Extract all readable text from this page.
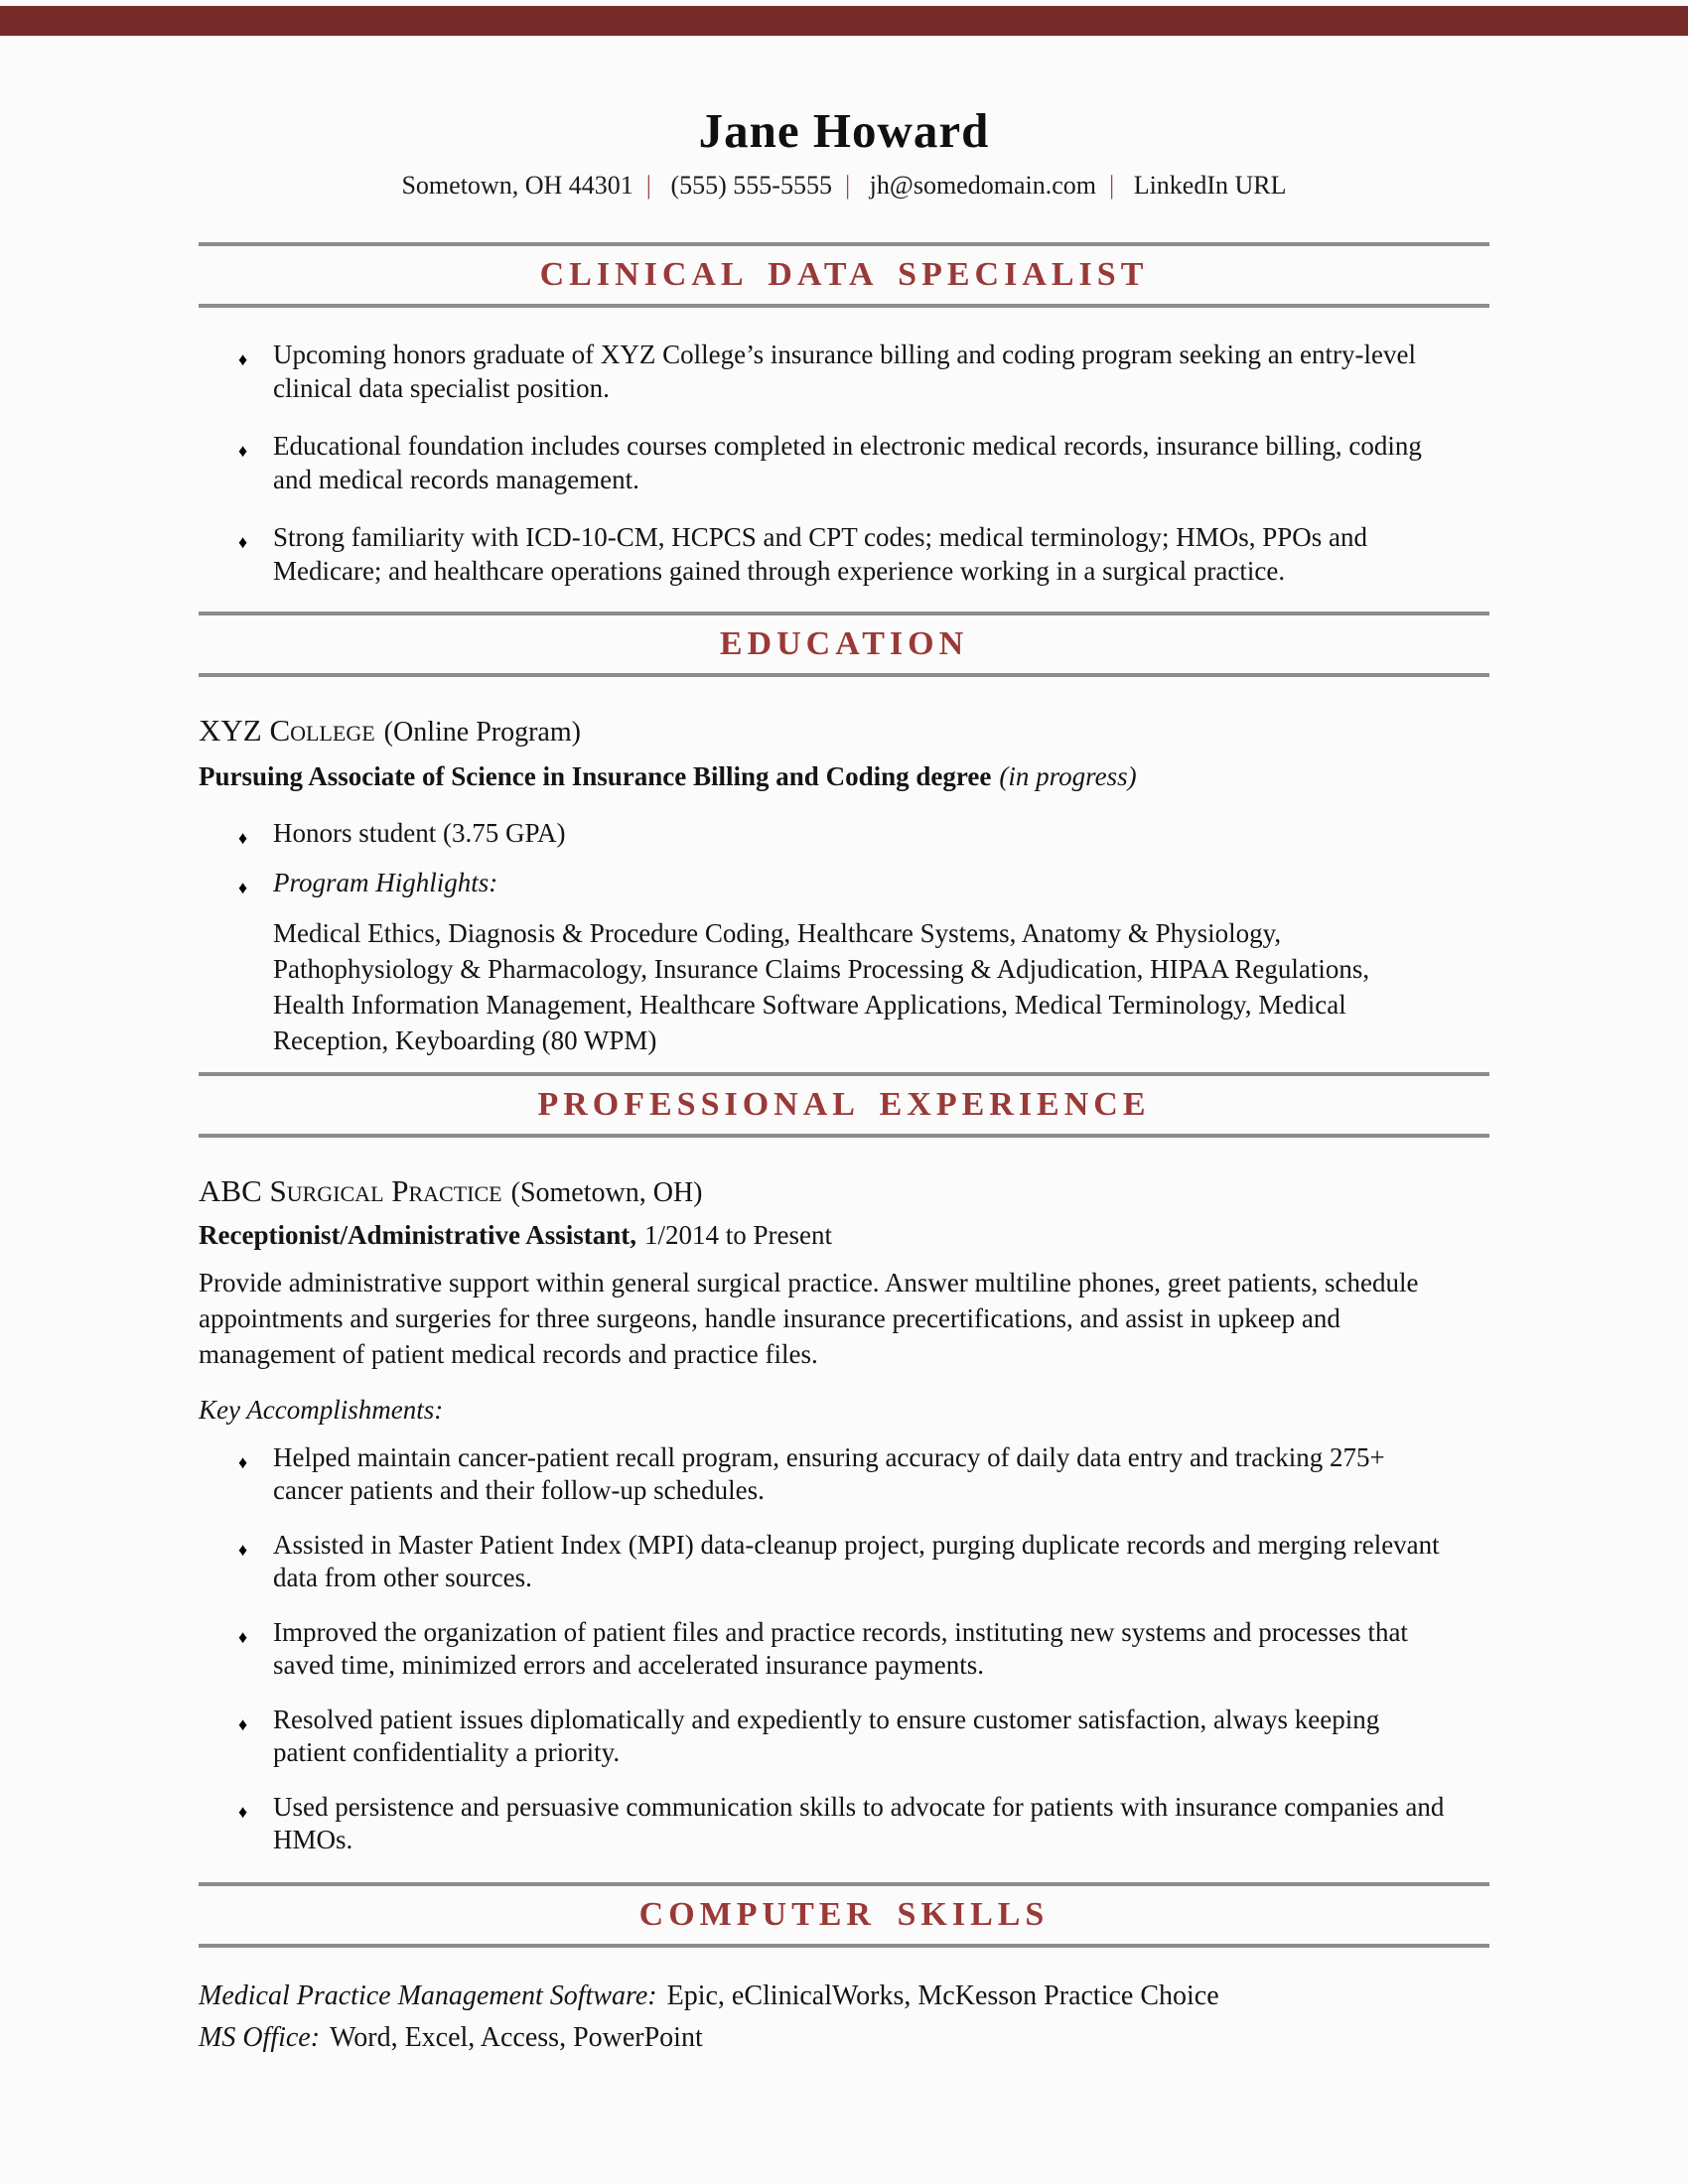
Jane Howard
Sometown, OH 44301 | (555) 555-5555 | jh@somedomain.com | LinkedIn URL
CLINICAL DATA SPECIALIST
♦ Upcoming honors graduate of XYZ College’s insurance billing and coding program seeking an entry-level clinical data specialist position.
♦ Educational foundation includes courses completed in electronic medical records, insurance billing, coding and medical records management.
♦ Strong familiarity with ICD-10-CM, HCPCS and CPT codes; medical terminology; HMOs, PPOs and Medicare; and healthcare operations gained through experience working in a surgical practice.
EDUCATION

XYZ College (Online Program)

Pursuing Associate of Science in Insurance Billing and Coding degree (in progress)

♦ Honors student (3.75 GPA)
♦ Program Highlights:

Medical Ethics, Diagnosis & Procedure Coding, Healthcare Systems, Anatomy & Physiology, Pathophysiology & Pharmacology, Insurance Claims Processing & Adjudication, HIPAA Regulations, Health Information Management, Healthcare Software Applications, Medical Terminology, Medical Reception, Keyboarding (80 WPM)

PROFESSIONAL EXPERIENCE

ABC Surgical Practice (Sometown, OH)

Receptionist/Administrative Assistant, 1/2014 to Present

Provide administrative support within general surgical practice. Answer multiline phones, greet patients, schedule appointments and surgeries for three surgeons, handle insurance precertifications, and assist in upkeep and management of patient medical records and practice files.

Key Accomplishments:

♦ Helped maintain cancer-patient recall program, ensuring accuracy of daily data entry and tracking 275+ cancer patients and their follow-up schedules.
♦ Assisted in Master Patient Index (MPI) data-cleanup project, purging duplicate records and merging relevant data from other sources.
♦ Improved the organization of patient files and practice records, instituting new systems and processes that saved time, minimized errors and accelerated insurance payments.
♦ Resolved patient issues diplomatically and expediently to ensure customer satisfaction, always keeping patient confidentiality a priority.
♦ Used persistence and persuasive communication skills to advocate for patients with insurance companies and HMOs.
COMPUTER SKILLS

Medical Practice Management Software: Epic, eClinicalWorks, McKesson Practice Choice

MS Office: Word, Excel, Access, PowerPoint
